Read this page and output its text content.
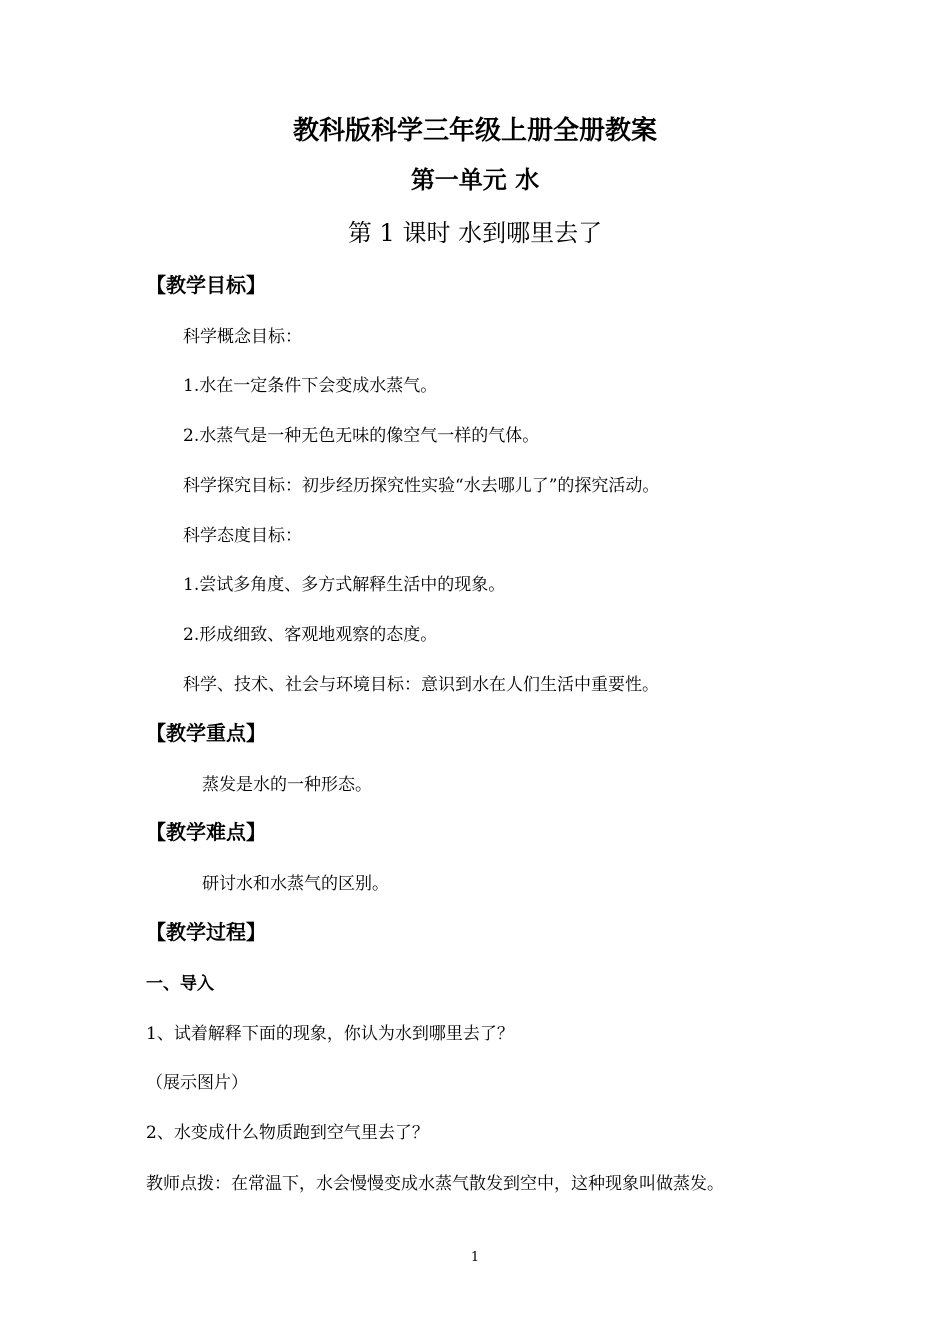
教科版科学三年级上册全册教案
第一单元 水
第 1 课时 水到哪里去了
【教学目标】
科学概念目标：
1.水在一定条件下会变成水蒸气。
2.水蒸气是一种无色无味的像空气一样的气体。
科学探究目标：初步经历探究性实验“水去哪儿了”的探究活动。
科学态度目标：
1.尝试多角度、多方式解释生活中的现象。
2.形成细致、客观地观察的态度。
科学、技术、社会与环境目标：意识到水在人们生活中重要性。
【教学重点】
蒸发是水的一种形态。
【教学难点】
研讨水和水蒸气的区别。
【教学过程】
一、导入
1、试着解释下面的现象，你认为水到哪里去了？
（展示图片）
2、水变成什么物质跑到空气里去了？
教师点拨：在常温下，水会慢慢变成水蒸气散发到空中，这种现象叫做蒸发。
1
